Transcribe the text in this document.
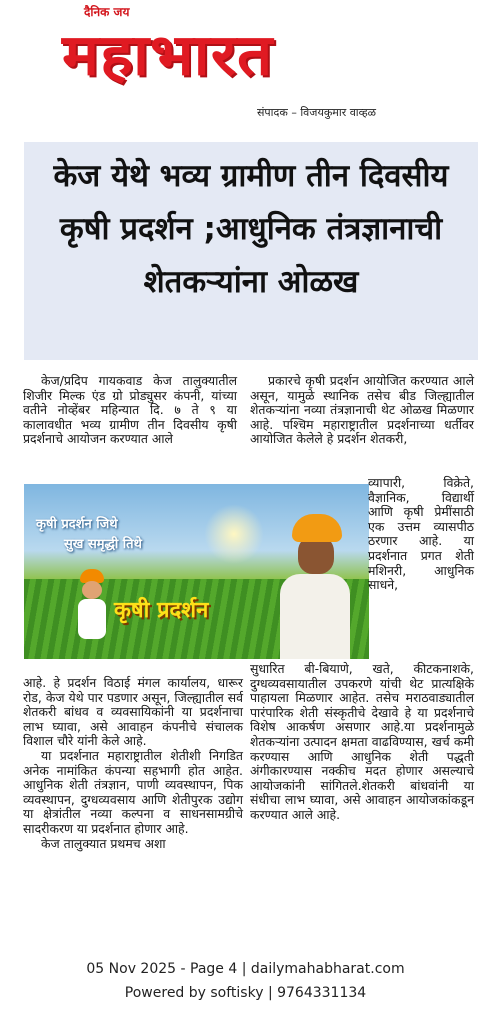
दैनिक जय
महाभारत
संपादक – विजयकुमार वाव्हळ
केज येथे भव्य ग्रामीण तीन दिवसीय कृषी प्रदर्शन ;आधुनिक तंत्रज्ञानाची शेतकऱ्यांना ओळख

केज/प्रदिप गायकवाड केज तालुक्यातील शिजीर मिल्क एंड ग्रो प्रोड्युसर कंपनी, यांच्या वतीने नोव्हेंबर महिन्यात दि. ७ ते ९ या कालावधीत भव्य ग्रामीण तीन दिवसीय कृषी प्रदर्शनाचे आयोजन करण्यात आले

प्रकारचे कृषी प्रदर्शन आयोजित करण्यात आले असून, यामुळे स्थानिक तसेच बीड जिल्ह्यातील शेतकऱ्यांना नव्या तंत्रज्ञानाची थेट ओळख मिळणार आहे. पश्चिम महाराष्ट्रातील प्रदर्शनाच्या धर्तीवर आयोजित केलेले हे प्रदर्शन शेतकरी,

कृषी प्रदर्शन जिथे
सुख समृद्धी तिथे
कृषी प्रदर्शन

व्यापारी, विक्रेते, वैज्ञानिक, विद्यार्थी आणि कृषी प्रेमींसाठी एक उत्तम व्यासपीठ ठरणार आहे. या प्रदर्शनात प्रगत शेती मशिनरी, आधुनिक साधने,

आहे. हे प्रदर्शन विठाई मंगल कार्यालय, धारूर रोड, केज येथे पार पडणार असून, जिल्ह्यातील सर्व शेतकरी बांधव व व्यवसायिकांनी या प्रदर्शनाचा लाभ घ्यावा, असे आवाहन कंपनीचे संचालक विशाल चौरे यांनी केले आहे.

या प्रदर्शनात महाराष्ट्रातील शेतीशी निगडित अनेक नामांकित कंपन्या सहभागी होत आहेत. आधुनिक शेती तंत्रज्ञान, पाणी व्यवस्थापन, पिक व्यवस्थापन, दुग्धव्यवसाय आणि शेतीपुरक उद्योग या क्षेत्रांतील नव्या कल्पना व साधनसामग्रीचे सादरीकरण या प्रदर्शनात होणार आहे.

केज तालुक्यात प्रथमच अशा

सुधारित बी-बियाणे, खते, कीटकनाशके, दुग्धव्यवसायातील उपकरणे यांची थेट प्रात्यक्षिके पाहायला मिळणार आहेत. तसेच मराठवाड्यातील पारंपारिक शेती संस्कृतीचे देखावे हे या प्रदर्शनाचे विशेष आकर्षण असणार आहे.या प्रदर्शनामुळे शेतकऱ्यांना उत्पादन क्षमता वाढविण्यास, खर्च कमी करण्यास आणि आधुनिक शेती पद्धती अंगीकारण्यास नक्कीच मदत होणार असल्याचे आयोजकांनी सांगितले.शेतकरी बांधवांनी या संधीचा लाभ घ्यावा, असे आवाहन आयोजकांकडून करण्यात आले आहे.

05 Nov 2025 - Page 4 | dailymahabharat.com
Powered by softisky | 9764331134
